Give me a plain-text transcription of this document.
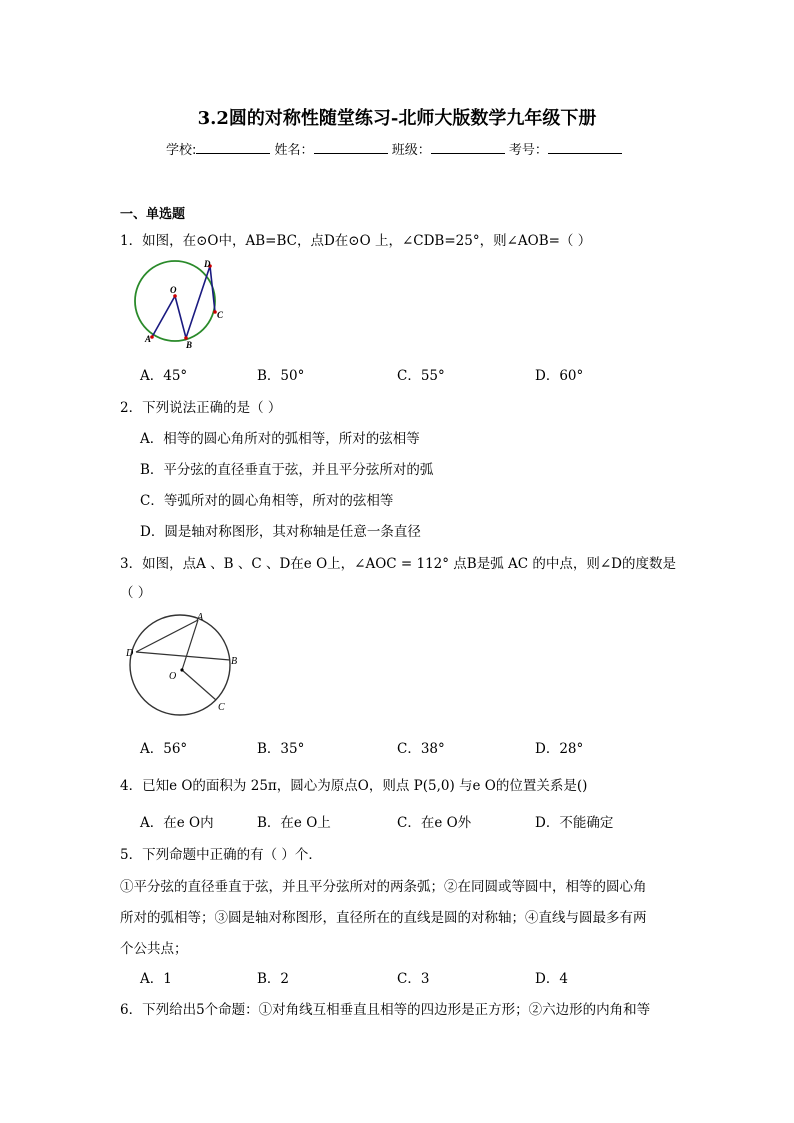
3.2圆的对称性随堂练习-北师大版数学九年级下册
学校:	姓名：	班级：	考号：
一、单选题
1．如图，在⊙O中，AB=BC，点D在⊙O 上，∠CDB=25°，则∠AOB=（ ）
O
A
B
D
C
A．45°	B．50°	C．55°	D．60°
2．下列说法正确的是（ ）
A．相等的圆心角所对的弧相等，所对的弦相等
B．平分弦的直径垂直于弦，并且平分弦所对的弧
C．等弧所对的圆心角相等，所对的弦相等
D．圆是轴对称图形，其对称轴是任意一条直径
3．如图，点A 、B 、C 、D在e O上，∠AOC = 112° 点B是弧 AC 的中点，则∠D的度数是
（ ）
A
D
B
O
C
A．56°	B．35°	C．38°	D．28°
4．已知e O的面积为 25π，圆心为原点O，则点 P(5,0) 与e O的位置关系是()
A．在e O内	B．在e O上	C．在e O外	D．不能确定
5．下列命题中正确的有（ ）个．
①平分弦的直径垂直于弦，并且平分弦所对的两条弧；②在同圆或等圆中，相等的圆心角
所对的弧相等；③圆是轴对称图形，直径所在的直线是圆的对称轴；④直线与圆最多有两
个公共点；
A．1	B．2	C．3	D．4
6．下列给出5个命题：①对角线互相垂直且相等的四边形是正方形；②六边形的内角和等
